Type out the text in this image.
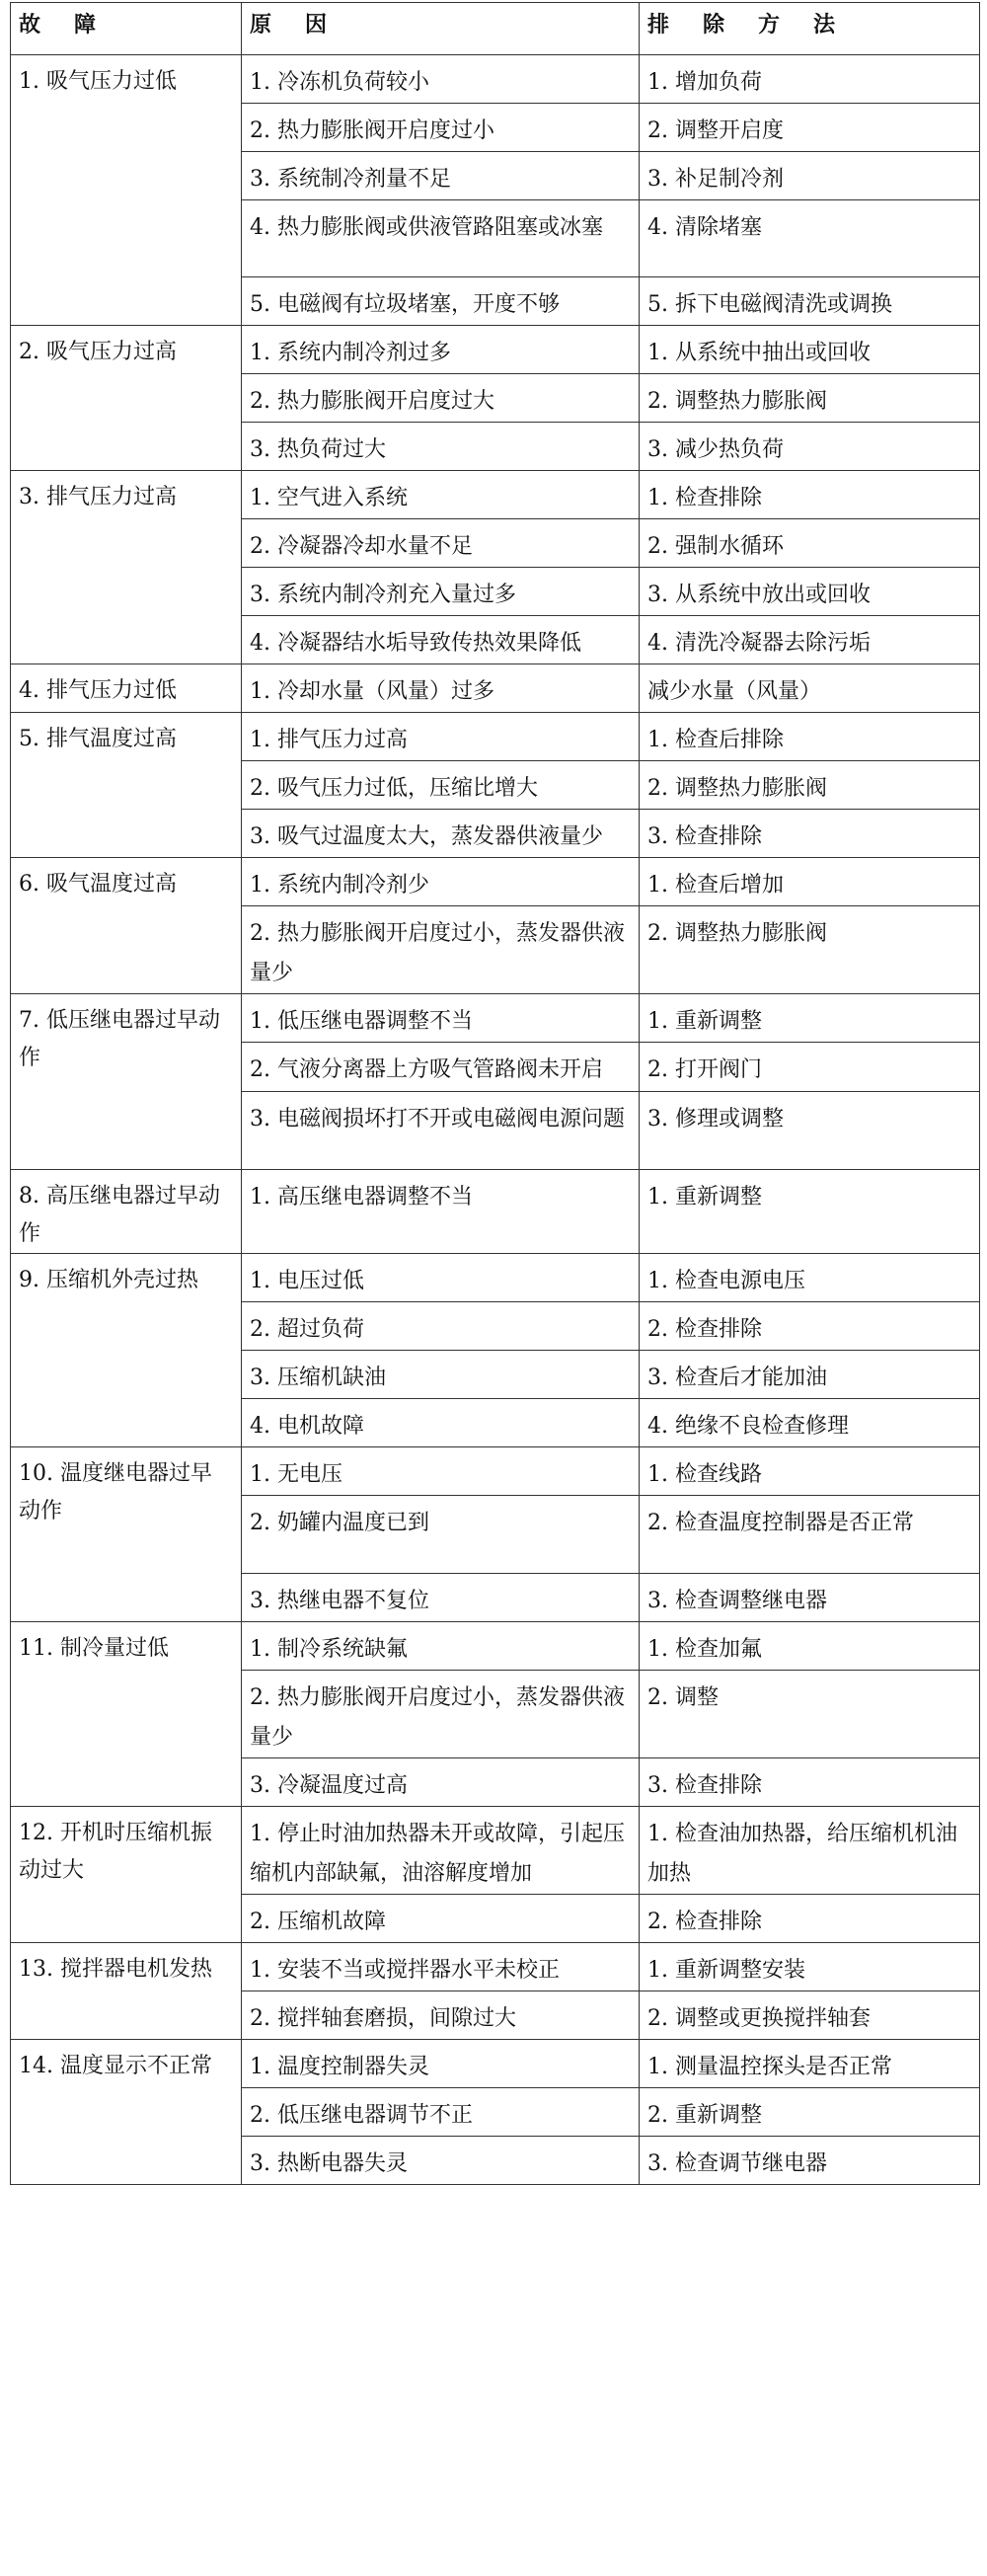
故　障	原　因	排　除　方　法
1. 吸气压力过低	1. 冷冻机负荷较小	1. 增加负荷
	2. 热力膨胀阀开启度过小	2. 调整开启度
	3. 系统制冷剂量不足	3. 补足制冷剂
	4. 热力膨胀阀或供液管路阻塞或冰塞	4. 清除堵塞
	5. 电磁阀有垃圾堵塞，开度不够	5. 拆下电磁阀清洗或调换
2. 吸气压力过高	1. 系统内制冷剂过多	1. 从系统中抽出或回收
	2. 热力膨胀阀开启度过大	2. 调整热力膨胀阀
	3. 热负荷过大	3. 减少热负荷
3. 排气压力过高	1. 空气进入系统	1. 检查排除
	2. 冷凝器冷却水量不足	2. 强制水循环
	3. 系统内制冷剂充入量过多	3. 从系统中放出或回收
	4. 冷凝器结水垢导致传热效果降低	4. 清洗冷凝器去除污垢
4. 排气压力过低	1. 冷却水量（风量）过多	减少水量（风量）
5. 排气温度过高	1. 排气压力过高	1. 检查后排除
	2. 吸气压力过低，压缩比增大	2. 调整热力膨胀阀
	3. 吸气过温度太大，蒸发器供液量少	3. 检查排除
6. 吸气温度过高	1. 系统内制冷剂少	1. 检查后增加
	2. 热力膨胀阀开启度过小，蒸发器供液量少	2. 调整热力膨胀阀
7. 低压继电器过早动作	1. 低压继电器调整不当	1. 重新调整
	2. 气液分离器上方吸气管路阀未开启	2. 打开阀门
	3. 电磁阀损坏打不开或电磁阀电源问题	3. 修理或调整
8. 高压继电器过早动作	1. 高压继电器调整不当	1. 重新调整
9. 压缩机外壳过热	1. 电压过低	1. 检查电源电压
	2. 超过负荷	2. 检查排除
	3. 压缩机缺油	3. 检查后才能加油
	4. 电机故障	4. 绝缘不良检查修理
10. 温度继电器过早动作	1. 无电压	1. 检查线路
	2. 奶罐内温度已到	2. 检查温度控制器是否正常
	3. 热继电器不复位	3. 检查调整继电器
11. 制冷量过低	1. 制冷系统缺氟	1. 检查加氟
	2. 热力膨胀阀开启度过小，蒸发器供液量少	2. 调整
	3. 冷凝温度过高	3. 检查排除
12. 开机时压缩机振动过大	1. 停止时油加热器未开或故障，引起压缩机内部缺氟，油溶解度增加	1. 检查油加热器，给压缩机机油加热
	2. 压缩机故障	2. 检查排除
13. 搅拌器电机发热	1. 安装不当或搅拌器水平未校正	1. 重新调整安装
	2. 搅拌轴套磨损，间隙过大	2. 调整或更换搅拌轴套
14. 温度显示不正常	1. 温度控制器失灵	1. 测量温控探头是否正常
	2. 低压继电器调节不正	2. 重新调整
	3. 热断电器失灵	3. 检查调节继电器
